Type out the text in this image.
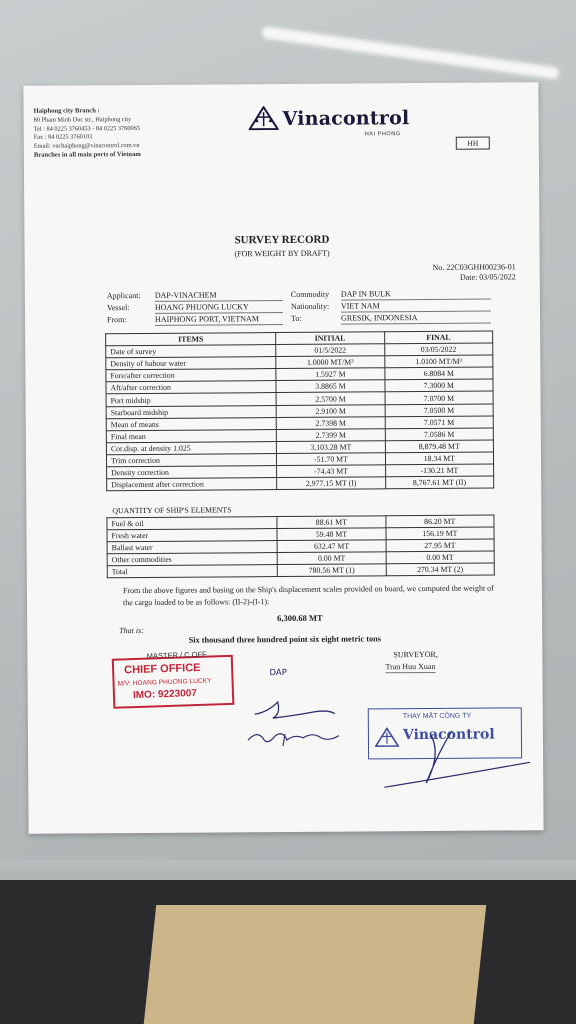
Haiphong city Branch :
80 Pham Minh Duc str., Haiphong city
Tel : 84 0225 3760453 - 84 0225 3760065
Fax : 84 0225 3760103
Email: vnchaiphong@vinacontrol.com.vn
Branches in all main ports of Vietnam
Vinacontrol
HAI PHONG
HH
SURVEY RECORD
(FOR WEIGHT BY DRAFT)
No. 22C03GHH00236-01
Date: 03/05/2022
Applicant: DAP-VINACHEM
Vessel:	HOANG PHUONG LUCKY
From:	HAIPHONG PORT, VIETNAM
Commodity DAP IN BULK
Nationality: VIET NAM
To:	GRESIK, INDONESIA
ITEMS	INITIAL	FINAL
Date of survey	01/5/2022	03/05/2022
Density of hahour water	1.0000 MT/M³	1.0100 MT/M³
Fore/after correction	1.5927 M	6.8084 M
Aft/after correction	3.8865 M	7.3000 M
Port midship	2.5700 M	7.0700 M
Starboard midship	2.9100 M	7.0500 M
Mean of means	2.7398 M	7.0571 M
Final mean	2.7399 M	7.0586 M
Cor.disp. at density 1.025	3,103.28 MT	8,879.48 MT
Trim correction	-51.70 MT	18.34 MT
Density correction	-74.43 MT	-130.21 MT
Displacement after correction	2,977.15 MT (I)	8,767.61 MT (II)
QUANTITY OF SHIP'S ELEMENTS
Fuel & oil	88.61 MT	86.20 MT
Fresh water	59.48 MT	156.19 MT
Ballast water	632.47 MT	27.95 MT
Other commodities	0.00 MT	0.00 MT
Total	780.56 MT (1)	270.34 MT (2)
From the above figures and basing on the Ship's displacement scales provided on board, we computed the weight of the cargo loaded to be as follows: (II-2)-(I-1):
6,300.68 MT
That is:
Six thousand three hundred point six eight metric tons
MASTER / C.OFF.
CHIEF OFFICE
M/V: HOANG PHUONG LUCKY
IMO: 9223007
DAP
SURVEYOR,
Tran Huu Xuan
THAY MẶT CÔNG TY
Vinacontrol
